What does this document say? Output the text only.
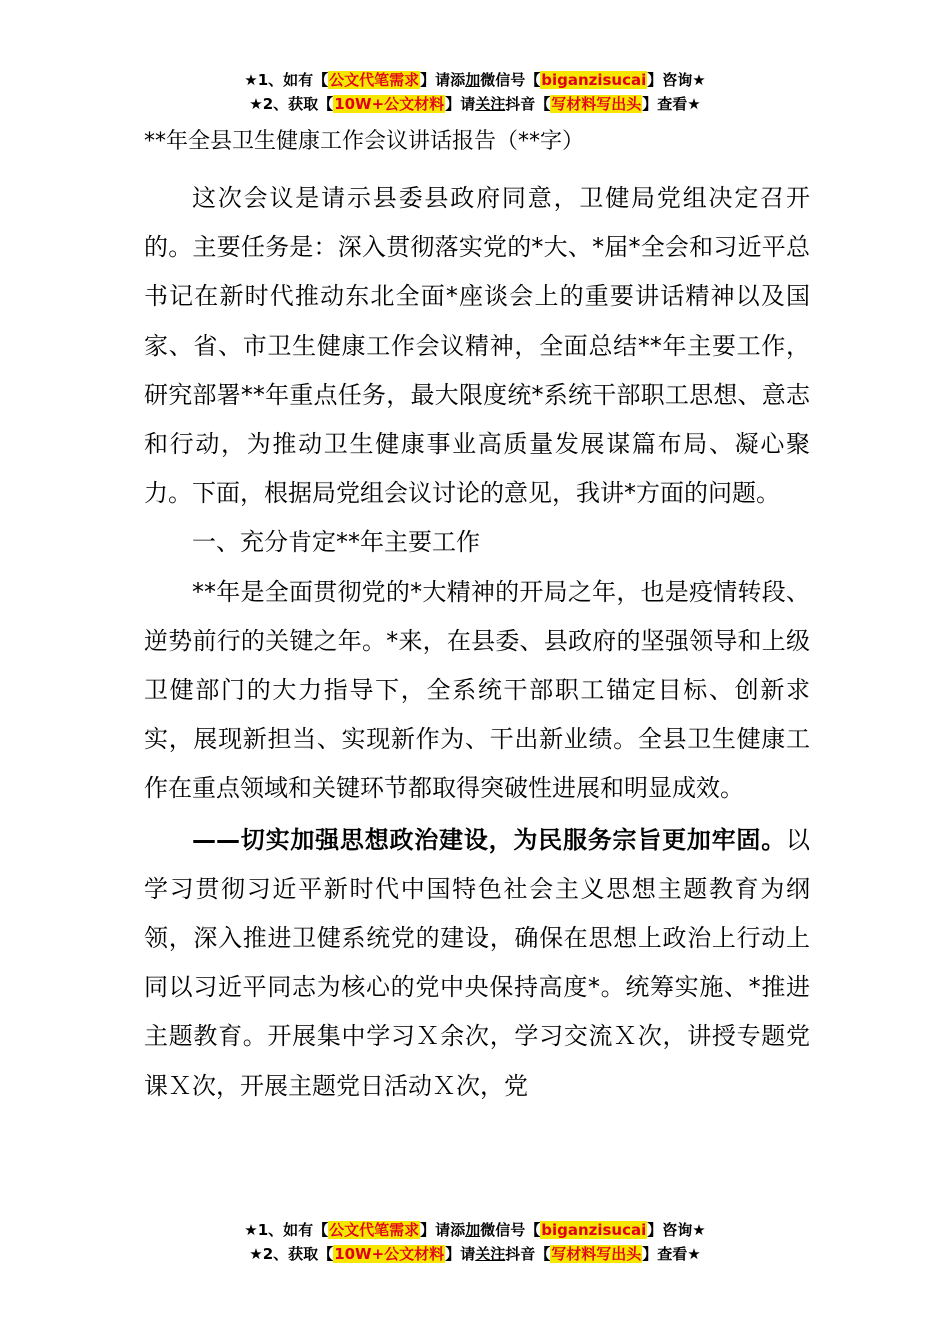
★1、如有【公文代笔需求】请添加微信号【biganzisucai】咨询★
★2、获取【10W+公文材料】请关注抖音【写材料写出头】查看★
**年全县卫生健康工作会议讲话报告（**字）

这次会议是请示县委县政府同意，卫健局党组决定召开的。主要任务是：深入贯彻落实党的*大、*届*全会和习近平总书记在新时代推动东北全面*座谈会上的重要讲话精神以及国家、省、市卫生健康工作会议精神，全面总结**年主要工作，研究部署**年重点任务，最大限度统*系统干部职工思想、意志和行动，为推动卫生健康事业高质量发展谋篇布局、凝心聚力。下面，根据局党组会议讨论的意见，我讲*方面的问题。

一、充分肯定**年主要工作

**年是全面贯彻党的*大精神的开局之年，也是疫情转段、逆势前行的关键之年。*来，在县委、县政府的坚强领导和上级卫健部门的大力指导下，全系统干部职工锚定目标、创新求实，展现新担当、实现新作为、干出新业绩。全县卫生健康工作在重点领域和关键环节都取得突破性进展和明显成效。

——切实加强思想政治建设，为民服务宗旨更加牢固。以学习贯彻习近平新时代中国特色社会主义思想主题教育为纲领，深入推进卫健系统党的建设，确保在思想上政治上行动上同以习近平同志为核心的党中央保持高度*。统筹实施、*推进主题教育。开展集中学习Ｘ余次，学习交流Ｘ次，讲授专题党课Ｘ次，开展主题党日活动Ｘ次，党

★1、如有【公文代笔需求】请添加微信号【biganzisucai】咨询★
★2、获取【10W+公文材料】请关注抖音【写材料写出头】查看★
